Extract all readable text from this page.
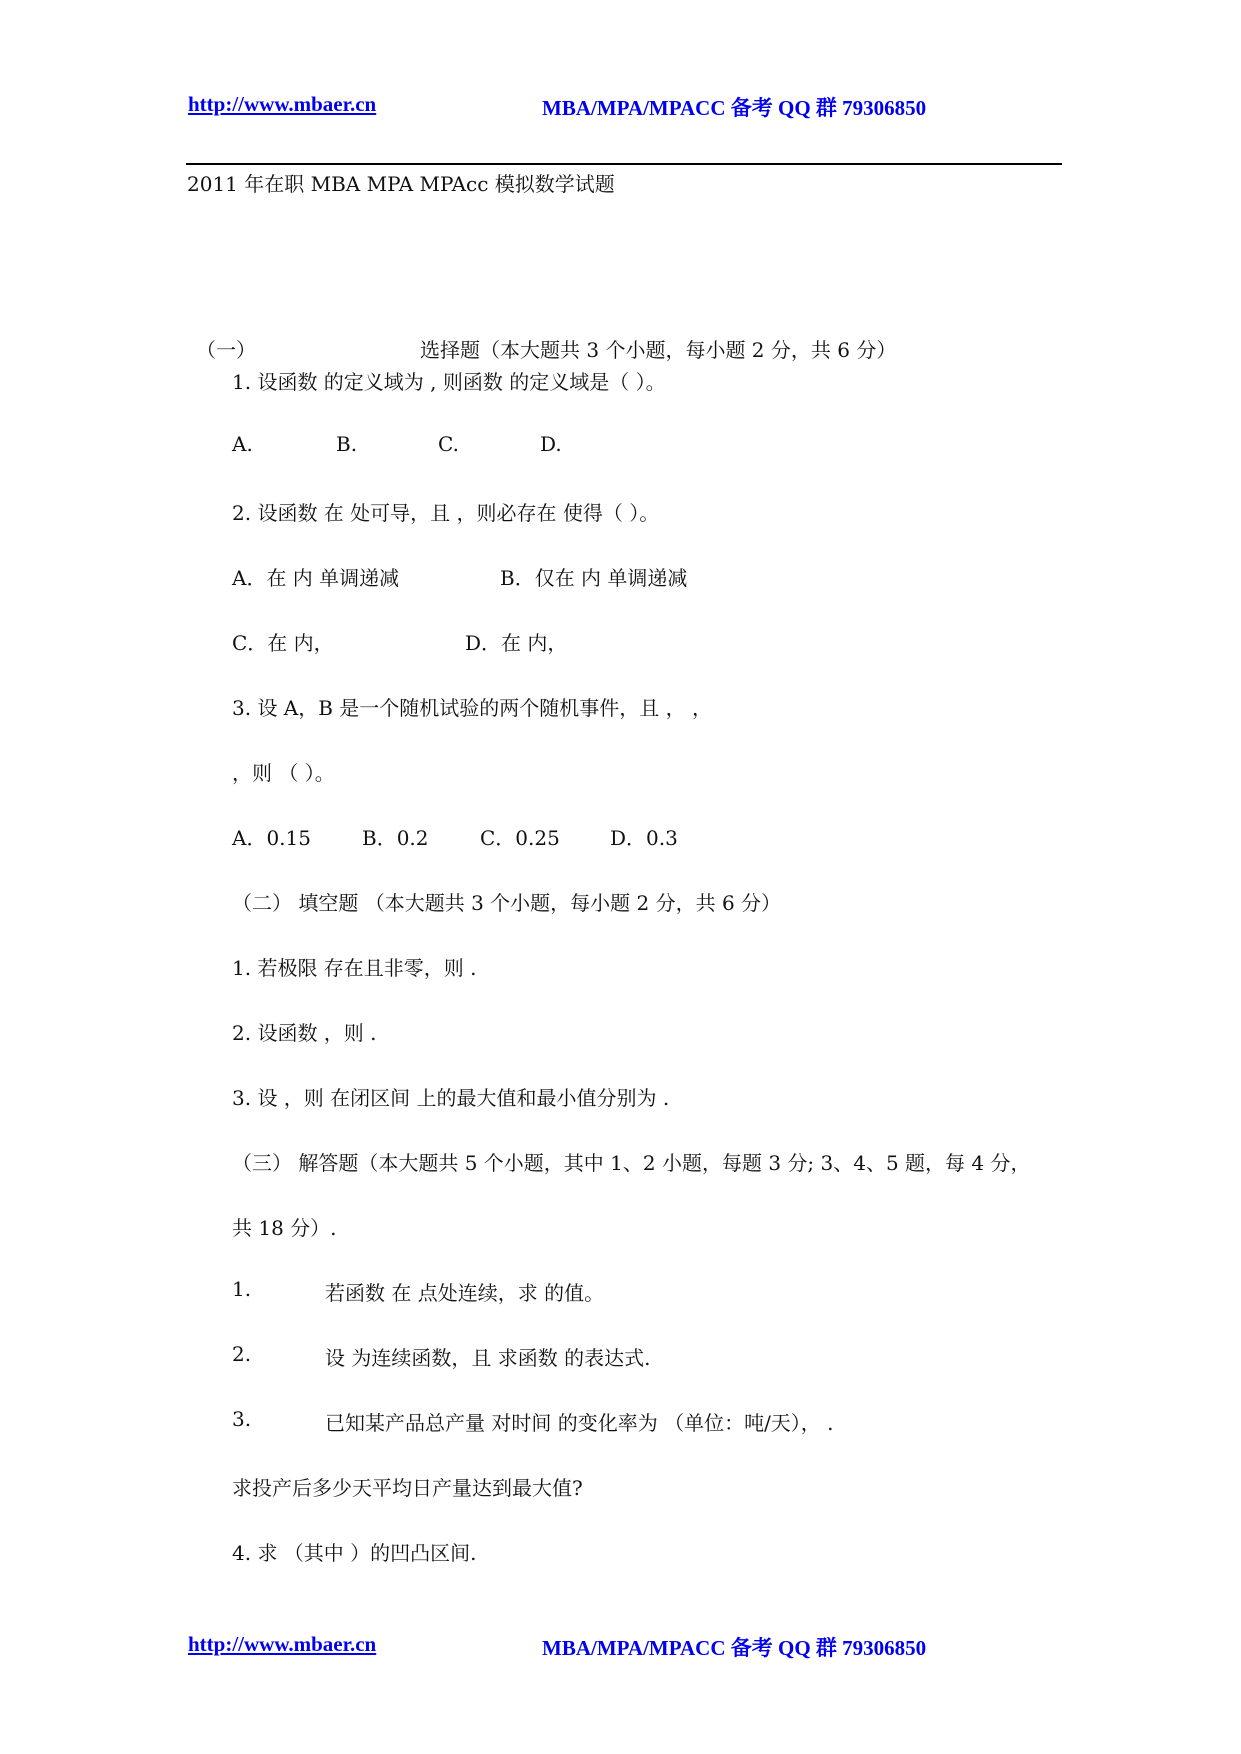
http://www.mbaer.cn	MBA/MPA/MPACC 备考 QQ 群 79306850
2011 年在职 MBA MPA MPAcc 模拟数学试题
（一）	选择题（本大题共 3 个小题，每小题 2 分，共 6 分）
1. 设函数 的定义域为 , 则函数 的定义域是（ ）。
A.	B.	C.	D.
2. 设函数 在 处可导，且 ，则必存在 使得（ ）。
A．在 内 单调递减	B．仅在 内 单调递减
C．在 内，	D．在 内，
3. 设 A，B 是一个随机试验的两个随机事件，且 ， ，
，则 （ ）。
A．0.15	B．0.2	C．0.25	D．0.3
（二） 填空题 （本大题共 3 个小题，每小题 2 分，共 6 分）
1. 若极限 存在且非零，则 .
2. 设函数 ，则 .
3. 设 ，则 在闭区间 上的最大值和最小值分别为 .
（三） 解答题（本大题共 5 个小题，其中 1、2 小题，每题 3 分; 3、4、5 题，每 4 分，
共 18 分）.
1.	若函数 在 点处连续，求 的值。
2.	设 为连续函数，且 求函数 的表达式.
3.	已知某产品总产量 对时间 的变化率为 （单位：吨/天）， .
求投产后多少天平均日产量达到最大值?
4. 求 （其中 ）的凹凸区间.
http://www.mbaer.cn	MBA/MPA/MPACC 备考 QQ 群 79306850
